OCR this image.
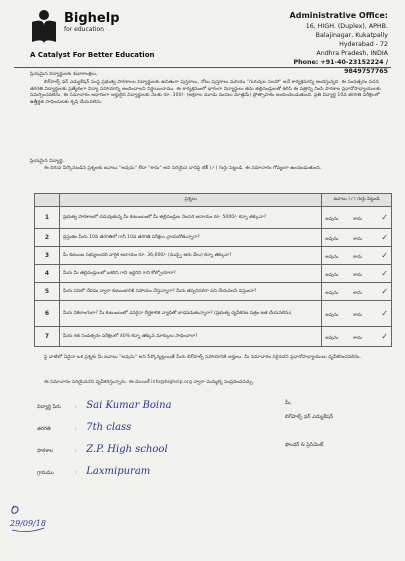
Bighelp
for education
A Catalyst For Better Education
Administrative Office:
16, HIGH. (Duplex), APHB.
Balajinagar, Kukatpally
Hyderabad - 72
Andhra Pradesh, INDIA
Phone: +91-40-23152224 / 9849757765
ప్రియమైన విద్యార్థులకు శుభాకాంక్షలు,
బిగ్‌హెల్ప్ ఫర్ ఎడ్యుకేషన్ సంస్థ ప్రభుత్వ పాఠశాలల విద్యార్థులకు ఉచితంగా పుస్తకాలు, నోటు పుస్తకాలు మరియు "గురువుల సలహా" అనే కార్యక్రమాన్ని అందిస్తున్నది. ఈ సంవత్సరం పదవ తరగతి విద్యార్థులకు ప్రత్యేకంగా విద్యా సహాయాన్ని అందించాలని నిర్ణయించాము. ఈ కార్యక్రమంలో భాగంగా విద్యార్థులు తమ తల్లిదండ్రులతో కలిసి ఈ పత్రాన్ని నింపి పాఠశాల ప్రధానోపాధ్యాయులకు సమర్పించవలెను. ఈ సమాచారం ఆధారంగా అర్హులైన విద్యార్థులకు నెలకు రూ. 300/- (అక్షరాల మూడు వందలు మాత్రమే) ప్రోత్సాహకం అందించబడుతుంది. ప్రతి విద్యార్థి 10వ తరగతి పరీక్షలలో ఉత్తీర్ణత సాధించుటకు కృషి చేయవలెను.
ప్రియమైన విద్యార్థి,
ఈ దిగువ పేర్కొనబడిన ప్రశ్నలకు జవాబు "అవును" లేదా "కాదు" అని సరియైన దానిపై టిక్ (✓) గుర్తు పెట్టండి. ఈ సమాచారం గోప్యంగా ఉంచబడుతుంది.
	ప్రశ్నలు	జవాబు (✓) గుర్తు పెట్టండి
1	ప్రభుత్వ పాఠశాలలో చదువుతున్న మీ కుటుంబంలో మీ తల్లిదండ్రుల నెలసరి ఆదాయం రూ. 5000/- కన్నా తక్కువా?	అవును కాదు ✓
2	ప్రస్తుతం మీరు 10వ తరగతిలో గానీ 10వ తరగతి పరీక్షలు వ్రాయబోతున్నారా?	అవును కాదు ✓
3	మీ కుటుంబ సభ్యులందరి వార్షిక ఆదాయం రూ. 36,000/- (ముప్పై ఆరు వేలు) కన్నా తక్కువా?	అవును కాదు ✓
4	మీరు మీ తల్లిదండ్రులలో ఒకరిని గాని ఇద్దరిని గాని కోల్పోయారా?	అవును కాదు ✓
5	మీరు పనిలో చేరడం ద్వారా కుటుంబానికి సహాయం చేస్తున్నారా? మీరు తప్పనిసరిగా పని చేయవలసి వస్తుందా?	అవును కాదు ✓
6	మీరు వికలాంగులా? మీ కుటుంబంలో ఎవరైనా దీర్ఘకాలిక వ్యాధితో బాధపడుతున్నారా? (ప్రభుత్వ ధృవీకరణ పత్రం జత చేయవలెను)	అవును కాదు ✓
7	మీరు గత సంవత్సరం పరీక్షలలో 40% కన్నా తక్కువ మార్కులు సాధించారా?	అవును కాదు ✓
పై వాటిలో ఏదైనా ఒక ప్రశ్నకు మీ జవాబు "అవును" అని పేర్కొన్నట్లయితే మీరు బిగ్‌హెల్ప్ సహాయానికి అర్హులు. మీ సమాచారం సరైనదని ప్రధానోపాధ్యాయులు ధృవీకరించవలెను.
ఈ సమాచారం సరియైనదని ధృవీకరిస్తున్నాను. ఈ-మెయిల్ info@bighelp.org ద్వారా మమ్మల్ని సంప్రదించవచ్చు.
విద్యార్థి పేరు	: Sai Kumar Boina
తరగతి	: 7th class
పాఠశాల	: Z.P. High school
గ్రామము	: Laxmipuram
మీ,
బిగ్‌హెల్ప్ ఫర్ ఎడ్యుకేషన్
ఫౌండర్ & ప్రెసిడెంట్
29/09/18
